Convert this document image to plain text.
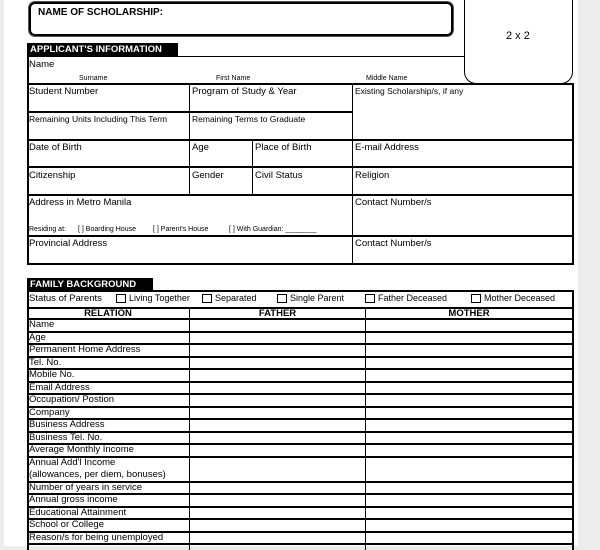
NAME OF SCHOLARSHIP:
2 x 2
APPLICANT'S INFORMATION
Name
Surname	First Name	Middle Name
Student Number	Program of Study & Year	Existing Scholarship/s, if any
Remaining Units Including This Term	Remaining Terms to Graduate
Date of Birth	Age	Place of Birth	E-mail Address
Citizenship	Gender	Civil Status	Religion
Address in Metro Manila	Contact Number/s
Residing at: [ ] Boarding House [ ] Parent's House	[ ] With Guardian: ________
Provincial Address	Contact Number/s
FAMILY BACKGROUND
Status of Parents	Living Together	Separated	Single Parent	Father Deceased	Mother Deceased
RELATION	FATHER	MOTHER
Name
Age
Permanent Home Address
Tel. No.
Mobile No.
Email Address
Occupation/ Postion
Company
Business Address
Business Tel. No.
Average Monthly Income
Annual Add'l Income
(allowances, per diem, bonuses)
Number of years in service
Annual gross income
Educational Attainment
School or College
Reason/s for being unemployed
